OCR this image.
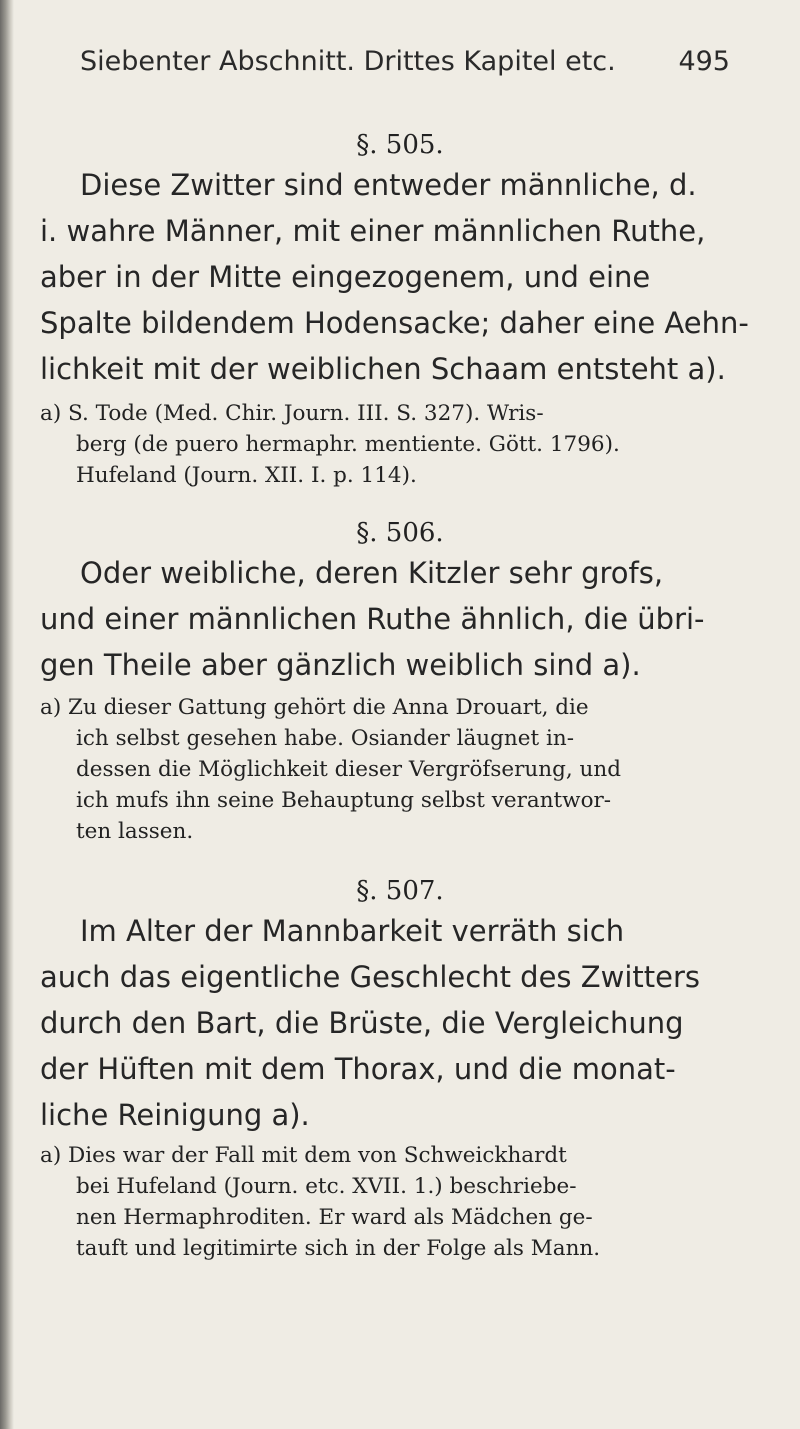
Siebenter Abschnitt. Drittes Kapitel etc. 495
§. 505.
Diese Zwitter sind entweder männliche, d.
i. wahre Männer, mit einer männlichen Ruthe,
aber in der Mitte eingezogenem, und eine
Spalte bildendem Hodensacke; daher eine Aehn-
lichkeit mit der weiblichen Schaam entsteht a).
a) S. Tode (Med. Chir. Journ. III. S. 327). Wris-
berg (de puero hermaphr. mentiente. Gött. 1796).
Hufeland (Journ. XII. I. p. 114).
§. 506.
Oder weibliche, deren Kitzler sehr grofs,
und einer männlichen Ruthe ähnlich, die übri-
gen Theile aber gänzlich weiblich sind a).
a) Zu dieser Gattung gehört die Anna Drouart, die
ich selbst gesehen habe. Osiander läugnet in-
dessen die Möglichkeit dieser Vergröfserung, und
ich mufs ihn seine Behauptung selbst verantwor-
ten lassen.
§. 507.
Im Alter der Mannbarkeit verräth sich
auch das eigentliche Geschlecht des Zwitters
durch den Bart, die Brüste, die Vergleichung
der Hüften mit dem Thorax, und die monat-
liche Reinigung a).
a) Dies war der Fall mit dem von Schweickhardt
bei Hufeland (Journ. etc. XVII. 1.) beschriebe-
nen Hermaphroditen. Er ward als Mädchen ge-
tauft und legitimirte sich in der Folge als Mann.
